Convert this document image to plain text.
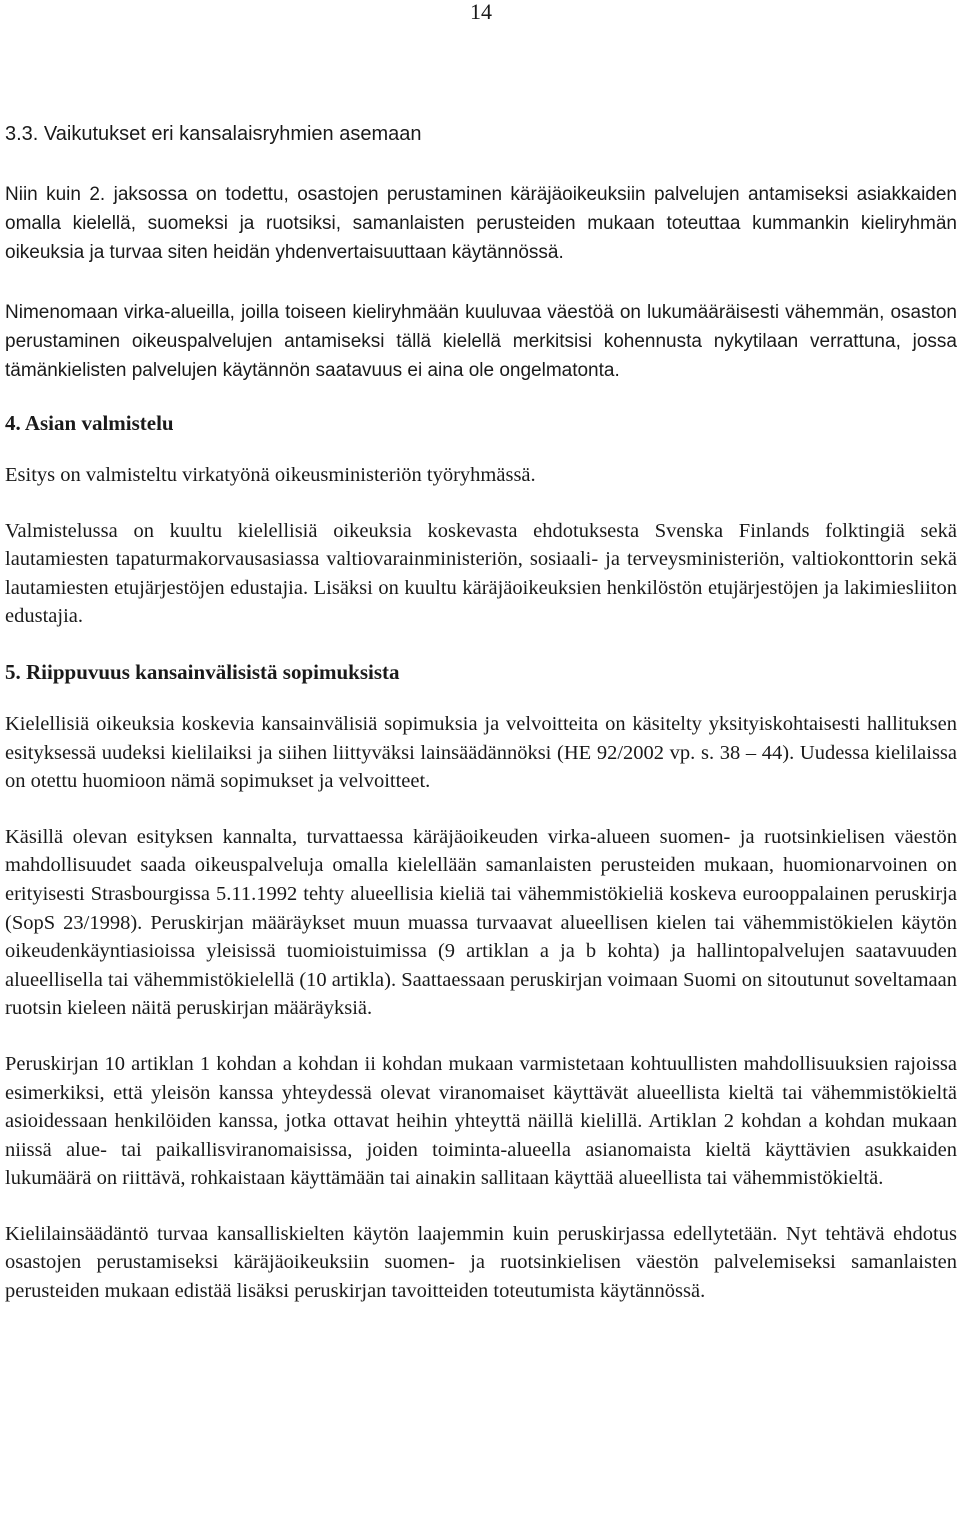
14
3.3. Vaikutukset eri kansalaisryhmien asemaan

Niin kuin 2. jaksossa on todettu, osastojen perustaminen käräjäoikeuksiin palvelujen antamiseksi asiakkaiden omalla kielellä, suomeksi ja ruotsiksi, samanlaisten perusteiden mukaan toteuttaa kummankin kieliryhmän oikeuksia ja turvaa siten heidän yhdenvertaisuuttaan käytännössä.

Nimenomaan virka-alueilla, joilla toiseen kieliryhmään kuuluvaa väestöä on lukumääräisesti vähemmän, osaston perustaminen oikeuspalvelujen antamiseksi tällä kielellä merkitsisi kohennusta nykytilaan verrattuna, jossa tämänkielisten palvelujen käytännön saatavuus ei aina ole ongelmatonta.

4. Asian valmistelu

Esitys on valmisteltu virkatyönä oikeusministeriön työryhmässä.

Valmistelussa on kuultu kielellisiä oikeuksia koskevasta ehdotuksesta Svenska Finlands folktingiä sekä lautamiesten tapaturmakorvausasiassa valtiovarainministeriön, sosiaali- ja terveysministeriön, valtiokonttorin sekä lautamiesten etujärjestöjen edustajia. Lisäksi on kuultu käräjäoikeuksien henkilöstön etujärjestöjen ja lakimiesliiton edustajia.

5. Riippuvuus kansainvälisistä sopimuksista

Kielellisiä oikeuksia koskevia kansainvälisiä sopimuksia ja velvoitteita on käsitelty yksityiskohtaisesti hallituksen esityksessä uudeksi kielilaiksi ja siihen liittyväksi lainsäädännöksi (HE 92/2002 vp. s. 38 – 44). Uudessa kielilaissa on otettu huomioon nämä sopimukset ja velvoitteet.

Käsillä olevan esityksen kannalta, turvattaessa käräjäoikeuden virka-alueen suomen- ja ruotsinkielisen väestön mahdollisuudet saada oikeuspalveluja omalla kielellään samanlaisten perusteiden mukaan, huomionarvoinen on erityisesti Strasbourgissa 5.11.1992 tehty alueellisia kieliä tai vähemmistökieliä koskeva eurooppalainen peruskirja (SopS 23/1998). Peruskirjan määräykset muun muassa turvaavat alueellisen kielen tai vähemmistökielen käytön oikeudenkäyntiasioissa yleisissä tuomioistuimissa (9 artiklan a ja b kohta) ja hallintopalvelujen saatavuuden alueellisella tai vähemmistökielellä (10 artikla). Saattaessaan peruskirjan voimaan Suomi on sitoutunut soveltamaan ruotsin kieleen näitä peruskirjan määräyksiä.

Peruskirjan 10 artiklan 1 kohdan a kohdan ii kohdan mukaan varmistetaan kohtuullisten mahdollisuuksien rajoissa esimerkiksi, että yleisön kanssa yhteydessä olevat viranomaiset käyttävät alueellista kieltä tai vähemmistökieltä asioidessaan henkilöiden kanssa, jotka ottavat heihin yhteyttä näillä kielillä. Artiklan 2 kohdan a kohdan mukaan niissä alue- tai paikallisviranomaisissa, joiden toiminta-alueella asianomaista kieltä käyttävien asukkaiden lukumäärä on riittävä, rohkaistaan käyttämään tai ainakin sallitaan käyttää alueellista tai vähemmistökieltä.

Kielilainsäädäntö turvaa kansalliskielten käytön laajemmin kuin peruskirjassa edellytetään. Nyt tehtävä ehdotus osastojen perustamiseksi käräjäoikeuksiin suomen- ja ruotsinkielisen väestön palvelemiseksi samanlaisten perusteiden mukaan edistää lisäksi peruskirjan tavoitteiden toteutumista käytännössä.
